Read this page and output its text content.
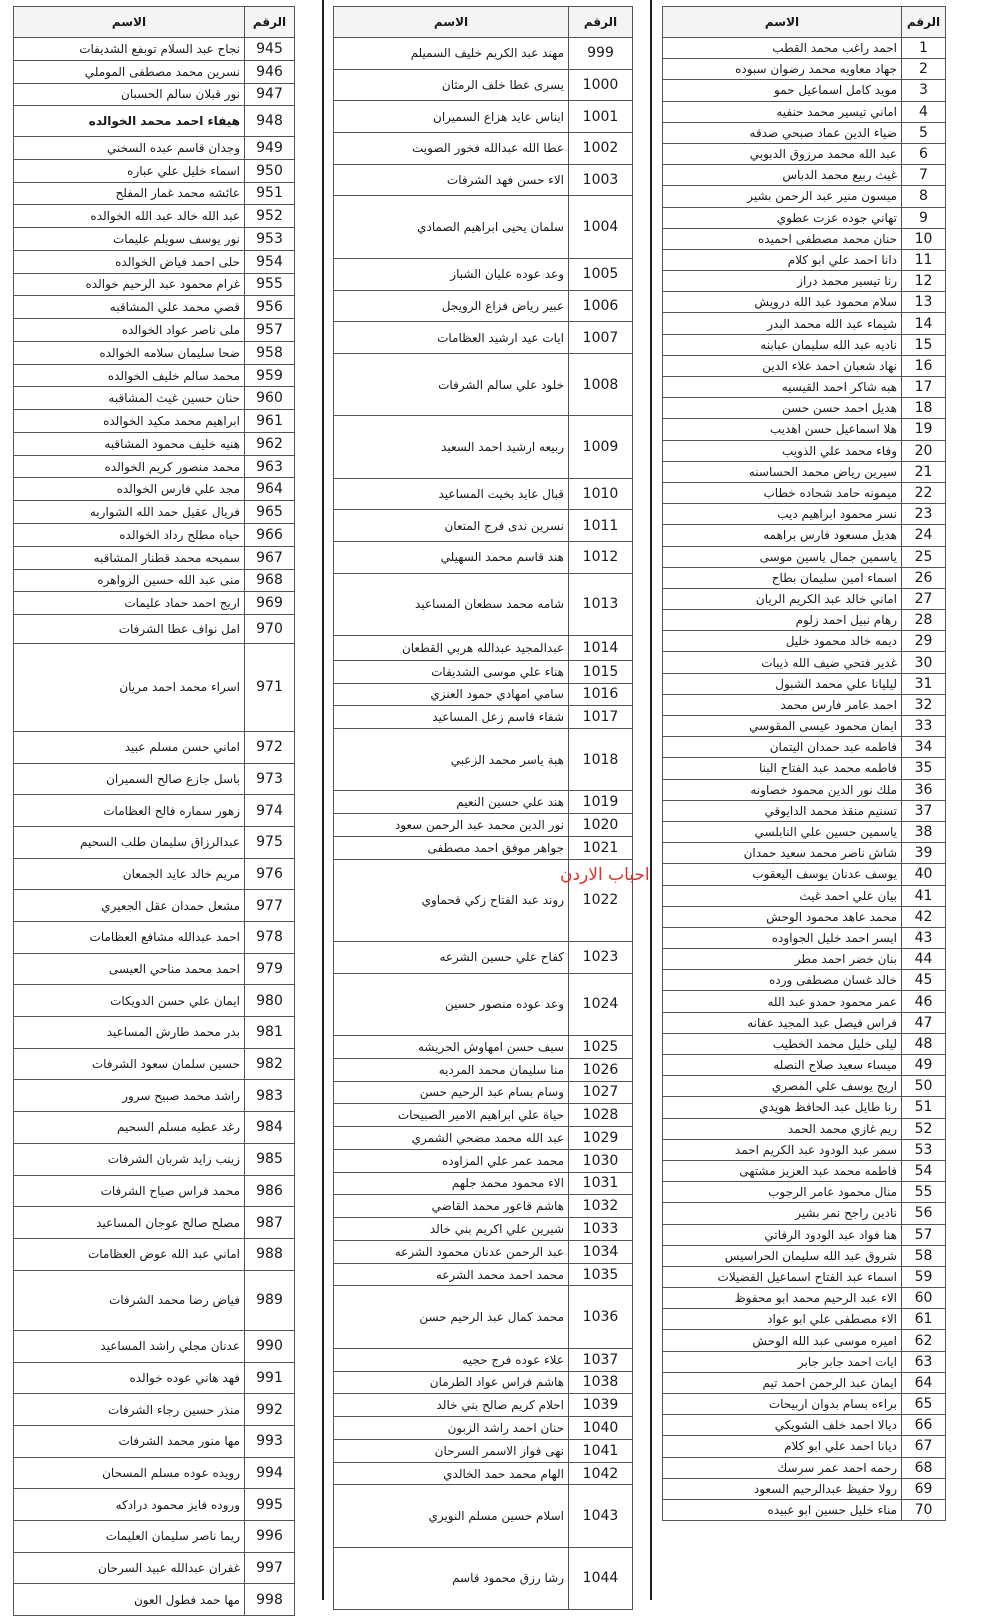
الرقم	الاسم
1	احمد راغب محمد القطب
2	جهاد معاويه محمد رضوان سبوده
3	مويد كامل اسماعيل حمو
4	اماني تيسير محمد حنفيه
5	ضياء الدين عماد صبحي صدقه
6	عبد الله محمد مرزوق الدبوبي
7	غيث ربيع محمد الدباس
8	ميسون منير عبد الرحمن بشير
9	تهاني جوده عزت عطوي
10	حنان محمد مصطفى احميده
11	دانا احمد علي ابو كلام
12	رنا تيسير محمد دراز
13	سلام محمود عبد الله درويش
14	شيماء عبد الله محمد البدر
15	ناديه عبد الله سليمان عبابنه
16	نهاد شعبان احمد علاء الدين
17	هبه شاكر احمد القيسيه
18	هديل احمد حسن حسن
19	هلا اسماعيل حسن اهديب
20	وفاء محمد علي الذويب
21	سيرين رياض محمد الحساسنه
22	ميمونه حامد شحاده خطاب
23	نسر محمود ابراهيم ديب
24	هديل مسعود فارس براهمه
25	ياسمين جمال ياسين موسى
26	اسماء امين سليمان بطاح
27	اماني خالد عبد الكريم الريان
28	رهام نبيل احمد زلوم
29	ديمه خالد محمود خليل
30	غدير فتحي ضيف الله ذيبات
31	ليليانا علي محمد الشبول
32	احمد عامر فارس محمد
33	ايمان محمود عيسى المقوسي
34	فاطمه عبد حمدان اليتمان
35	فاطمه محمد عبد الفتاح البنا
36	ملك نور الدين محمود خصاونه
37	تسنيم منقذ محمد الدايوقي
38	ياسمين حسين علي النابلسي
39	شاش ناصر محمد سعيد حمدان
40	يوسف عدنان يوسف اليعقوب
41	بيان علي احمد غيث
42	محمد عاهد محمود الوحش
43	ايسر احمد خليل الجواوده
44	بنان خضر احمد مطر
45	خالد غسان مصطفى ورده
46	عمر محمود حمدو عبد الله
47	فراس فيصل عبد المجيد عفانه
48	ليلى خليل محمد الخطيب
49	ميساء سعيد صلاح النصله
50	اريج يوسف علي المصري
51	رنا طايل عبد الحافظ هويدي
52	ريم غازي محمد الحمد
53	سمر عبد الودود عبد الكريم احمد
54	فاطمه محمد عبد العزيز مشتهى
55	منال محمود عامر الرجوب
56	نادين راجح نمر بشير
57	هنا فواد عبد الودود الرفاتي
58	شروق عبد الله سليمان الحراسيس
59	اسماء عبد الفتاح اسماعيل الفضيلات
60	الاء عبد الرحيم محمد ابو محفوظ
61	الاء مصطفى علي ابو عواد
62	اميره موسى عبد الله الوحش
63	ايات احمد جابر جابر
64	ايمان عبد الرحمن احمد تيم
65	براءه بسام بدوان اربيحات
66	ديالا احمد خلف الشويكي
67	ديانا احمد علي ابو كلام
68	رحمه احمد عمر سرسك
69	رولا حفيظ عبدالرحيم السعود
70	مناء خليل حسين ابو عبيده
الرقم	الاسم
999	مهند عبد الكريم خليف السميلم
1000	يسرى عطا خلف الرمثان
1001	ايناس عايد هزاع السميران
1002	عطا الله عبدالله فخور الصويت
1003	الاء حسن فهد الشرفات
1004	سلمان يحيى ابراهيم الصمادي
1005	وعد عوده عليان الشباز
1006	عبير رياض فزاع الرويجل
1007	ايات عيد ارشيد العظامات
1008	خلود علي سالم الشرفات
1009	ربيعه ارشيد احمد السعيد
1010	قبال عايد بخيت المساعيد
1011	نسرين ندى فرج المتعان
1012	هند قاسم محمد السهيلي
1013	شامه محمد سطعان المساعيد
1014	عبدالمجيد عبدالله هربي القطعان
1015	هناء علي موسى الشديفات
1016	سامي امهادي حمود العنزي
1017	شفاء قاسم زعل المساعيد
1018	هبة ياسر محمد الزعبي
1019	هند علي حسين النعيم
1020	نور الدين محمد عبد الرحمن سعود
1021	جواهر موفق احمد مصطفى
1022	روند عبد الفتاح زكي قحماوي
1023	كفاح علي حسين الشرعه
1024	وعد عوده منصور حسين
1025	سيف حسن امهاوش الحريشه
1026	منا سليمان محمد المرديه
1027	وسام بسام عبد الرحيم حسن
1028	حياة علي ابراهيم الامير الصبيحات
1029	عبد الله محمد مضحي الشمري
1030	محمد عمر علي المزاوده
1031	الاء محمود محمد جلهم
1032	هاشم قاعور محمد القاضي
1033	شيرين علي اكريم بني خالد
1034	عبد الرحمن عدنان محمود الشرعه
1035	محمد احمد محمد الشرعه
1036	محمد كمال عبد الرحيم حسن
1037	علاء عوده فرج حجيه
1038	هاشم فراس عواد الطرمان
1039	احلام كريم صالح بني خالد
1040	حنان احمد راشد الزبون
1041	نهى فواز الاسمر السرحان
1042	الهام محمد حمد الخالدي
1043	اسلام حسين مسلم النويري
1044	رشا رزق محمود قاسم
الرقم	الاسم
945	نجاح عبد السلام توبفع الشديفات
946	نسرين محمد مصطفى الموملي
947	نور قبلان سالم الحسبان
948	هيفاء احمد محمد الخوالده
949	وجدان قاسم عبده السخني
950	اسماء خليل علي عباره
951	عائشه محمد غمار المفلح
952	عبد الله خالد عبد الله الخوالده
953	نور يوسف سويلم عليمات
954	حلى احمد فياض الخوالده
955	غرام محمود عبد الرحيم خوالده
956	قصي محمد علي المشاقبه
957	ملى ناصر عواد الخوالده
958	ضحا سليمان سلامه الخوالده
959	محمد سالم خليف الخوالده
960	حنان حسين غيث المشاقبه
961	ابراهيم محمد مكيد الخوالده
962	هنيه خليف محمود المشاقبه
963	محمد منصور كريم الخوالده
964	مجد علي فارس الخوالده
965	فريال عقيل حمد الله الشواربه
966	حياه مطلح رداد الخوالده
967	سميحه محمد قطنار المشاقبه
968	منى عبد الله حسين الزواهره
969	اريج احمد حماد عليمات
970	امل نواف عطا الشرفات
971	اسراء محمد احمد مريان
972	اماني حسن مسلم عبيد
973	باسل جازع صالح السميران
974	زهور سماره فالح العظامات
975	عبدالرزاق سليمان طلب السحيم
976	مريم خالد عايد الجمعان
977	مشعل حمدان عقل الجعيري
978	احمد عبدالله مشافع العظامات
979	احمد محمد مناحي العيسى
980	ايمان علي حسن الدويكات
981	بدر محمد طارش المساعيد
982	حسين سلمان سعود الشرفات
983	راشد محمد صبيح سرور
984	رغد عطيه مسلم السحيم
985	زينب زايد شربان الشرفات
986	محمد فراس صياح الشرفات
987	مصلح صالح عوجان المساعيد
988	اماني عبد الله عوض العظامات
989	فياض رضا محمد الشرفات
990	عدنان مجلي راشد المساعيد
991	فهد هاني عوده خوالده
992	منذر حسين رجاء الشرفات
993	مها منور محمد الشرفات
994	رويده عوده مسلم المسحان
995	وروده فايز محمود درادكه
996	ريما ناصر سليمان العليمات
997	غفران عبدالله عبيد السرحان
998	مها حمد فطول العون
احباب الاردن
